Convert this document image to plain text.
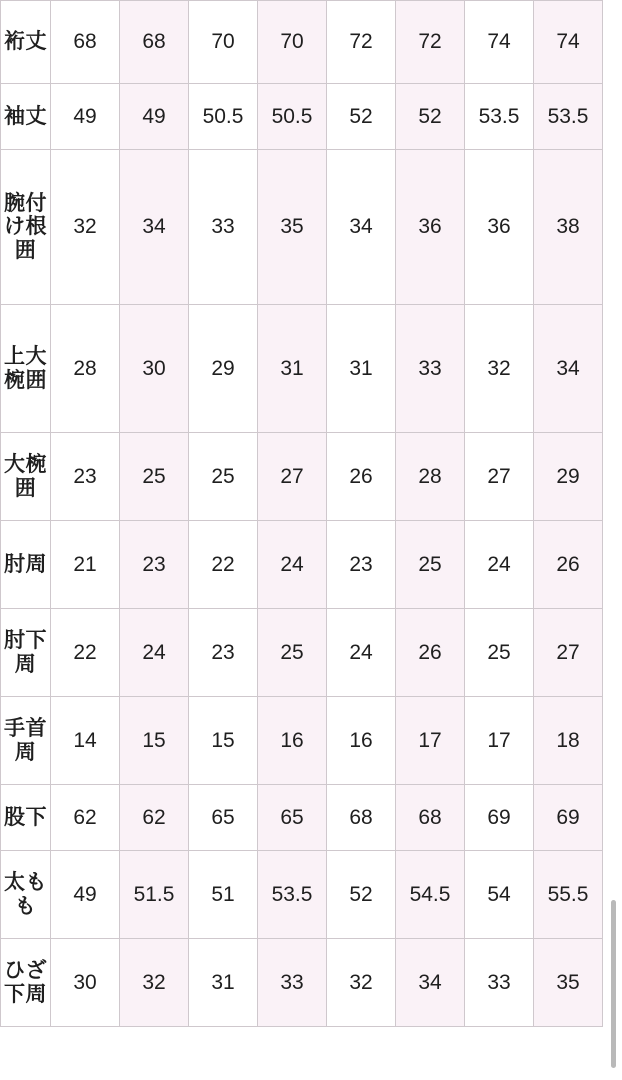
裄丈	68	68	70	70	72	72	74	74
袖丈	49	49	50.5	50.5	52	52	53.5	53.5
腕付け根囲	32	34	33	35	34	36	36	38
上大椀囲	28	30	29	31	31	33	32	34
大椀囲	23	25	25	27	26	28	27	29
肘周	21	23	22	24	23	25	24	26
肘下周	22	24	23	25	24	26	25	27
手首周	14	15	15	16	16	17	17	18
股下	62	62	65	65	68	68	69	69
太もも	49	51.5	51	53.5	52	54.5	54	55.5
ひざ下周	30	32	31	33	32	34	33	35
